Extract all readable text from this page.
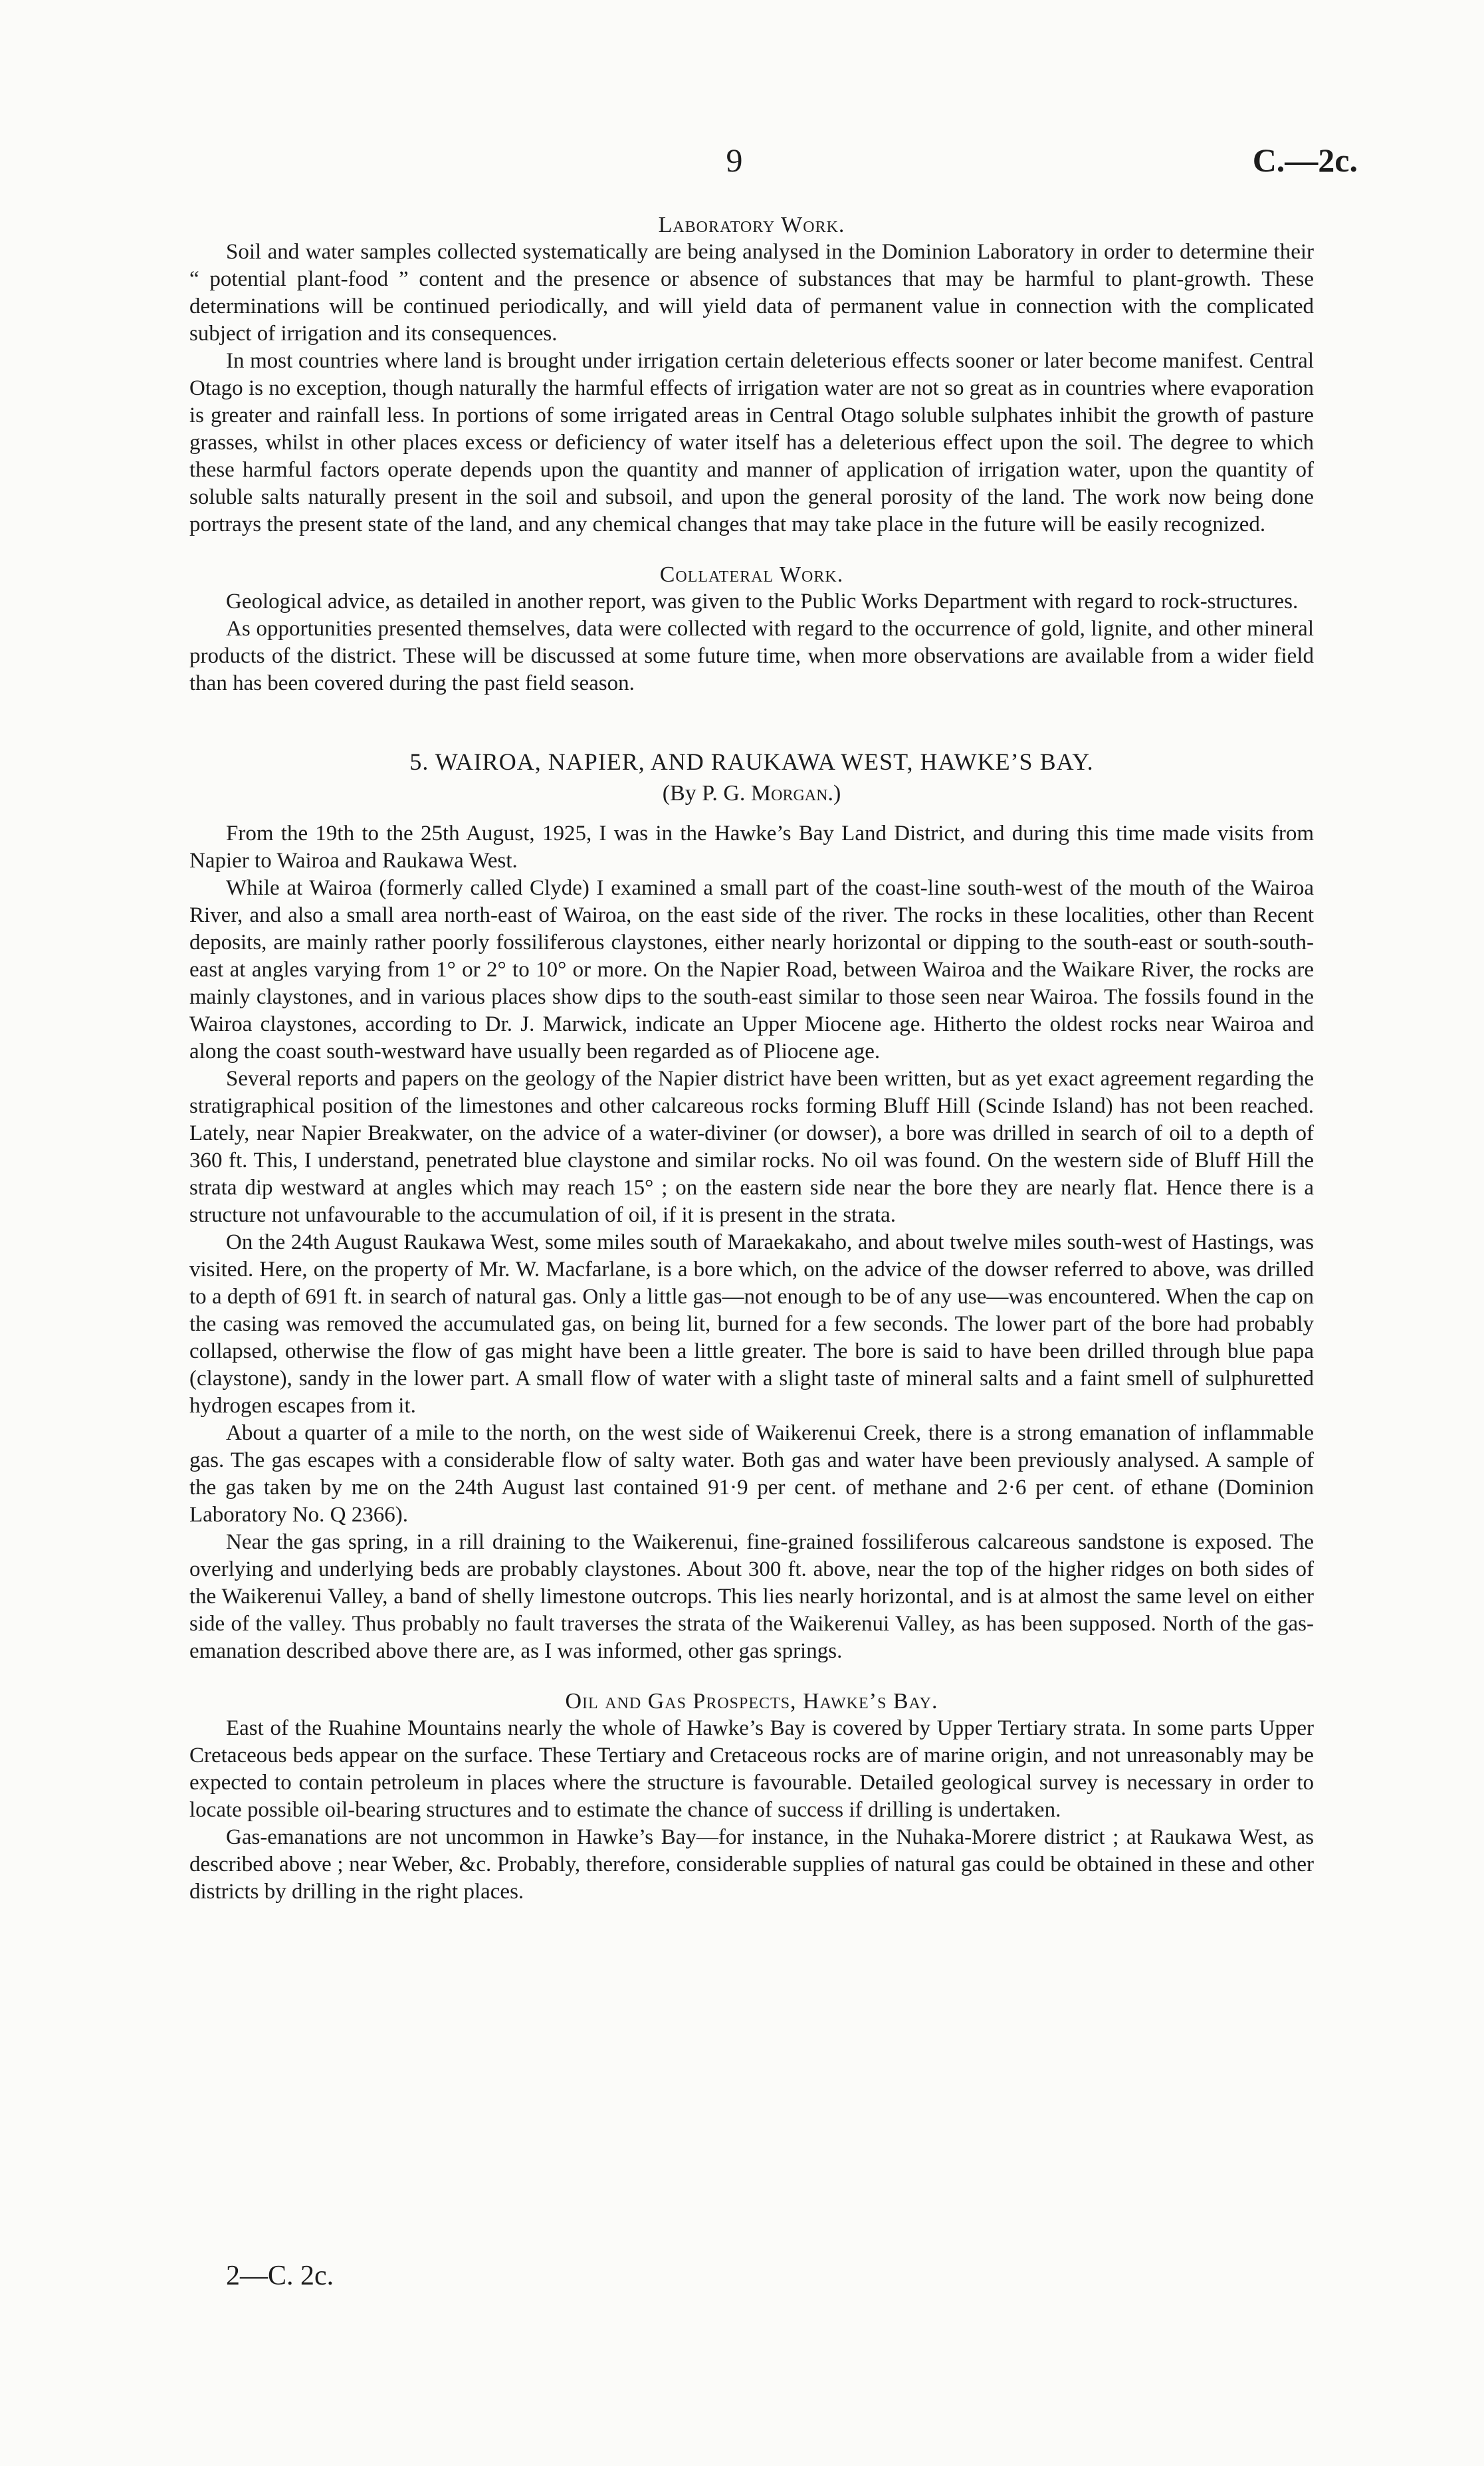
9	C.—2c.
Laboratory Work.

Soil and water samples collected systematically are being analysed in the Dominion Laboratory in order to determine their “ potential plant-food ” content and the presence or absence of substances that may be harmful to plant-growth. These determinations will be continued periodically, and will yield data of permanent value in connection with the complicated subject of irrigation and its consequences.

In most countries where land is brought under irrigation certain deleterious effects sooner or later become manifest. Central Otago is no exception, though naturally the harmful effects of irrigation water are not so great as in countries where evaporation is greater and rainfall less. In portions of some irrigated areas in Central Otago soluble sulphates inhibit the growth of pasture grasses, whilst in other places excess or deficiency of water itself has a deleterious effect upon the soil. The degree to which these harmful factors operate depends upon the quantity and manner of application of irrigation water, upon the quantity of soluble salts naturally present in the soil and subsoil, and upon the general porosity of the land. The work now being done portrays the present state of the land, and any chemical changes that may take place in the future will be easily recognized.

Collateral Work.

Geological advice, as detailed in another report, was given to the Public Works Department with regard to rock-structures.

As opportunities presented themselves, data were collected with regard to the occurrence of gold, lignite, and other mineral products of the district. These will be discussed at some future time, when more observations are available from a wider field than has been covered during the past field season.

5. WAIROA, NAPIER, AND RAUKAWA WEST, HAWKE’S BAY.
(By P. G. Morgan.)

From the 19th to the 25th August, 1925, I was in the Hawke’s Bay Land District, and during this time made visits from Napier to Wairoa and Raukawa West.

While at Wairoa (formerly called Clyde) I examined a small part of the coast-line south-west of the mouth of the Wairoa River, and also a small area north-east of Wairoa, on the east side of the river. The rocks in these localities, other than Recent deposits, are mainly rather poorly fossiliferous claystones, either nearly horizontal or dipping to the south-east or south-south-east at angles varying from 1° or 2° to 10° or more. On the Napier Road, between Wairoa and the Waikare River, the rocks are mainly claystones, and in various places show dips to the south-east similar to those seen near Wairoa. The fossils found in the Wairoa claystones, according to Dr. J. Marwick, indicate an Upper Miocene age. Hitherto the oldest rocks near Wairoa and along the coast south-westward have usually been regarded as of Pliocene age.

Several reports and papers on the geology of the Napier district have been written, but as yet exact agreement regarding the stratigraphical position of the limestones and other calcareous rocks forming Bluff Hill (Scinde Island) has not been reached. Lately, near Napier Breakwater, on the advice of a water-diviner (or dowser), a bore was drilled in search of oil to a depth of 360 ft. This, I understand, penetrated blue claystone and similar rocks. No oil was found. On the western side of Bluff Hill the strata dip westward at angles which may reach 15° ; on the eastern side near the bore they are nearly flat. Hence there is a structure not unfavourable to the accumulation of oil, if it is present in the strata.

On the 24th August Raukawa West, some miles south of Maraekakaho, and about twelve miles south-west of Hastings, was visited. Here, on the property of Mr. W. Macfarlane, is a bore which, on the advice of the dowser referred to above, was drilled to a depth of 691 ft. in search of natural gas. Only a little gas—not enough to be of any use—was encountered. When the cap on the casing was removed the accumulated gas, on being lit, burned for a few seconds. The lower part of the bore had probably collapsed, otherwise the flow of gas might have been a little greater. The bore is said to have been drilled through blue papa (claystone), sandy in the lower part. A small flow of water with a slight taste of mineral salts and a faint smell of sulphuretted hydrogen escapes from it.

About a quarter of a mile to the north, on the west side of Waikerenui Creek, there is a strong emanation of inflammable gas. The gas escapes with a considerable flow of salty water. Both gas and water have been previously analysed. A sample of the gas taken by me on the 24th August last contained 91·9 per cent. of methane and 2·6 per cent. of ethane (Dominion Laboratory No. Q 2366).

Near the gas spring, in a rill draining to the Waikerenui, fine-grained fossiliferous calcareous sandstone is exposed. The overlying and underlying beds are probably claystones. About 300 ft. above, near the top of the higher ridges on both sides of the Waikerenui Valley, a band of shelly limestone outcrops. This lies nearly horizontal, and is at almost the same level on either side of the valley. Thus probably no fault traverses the strata of the Waikerenui Valley, as has been supposed. North of the gas-emanation described above there are, as I was informed, other gas springs.

Oil and Gas Prospects, Hawke’s Bay.

East of the Ruahine Mountains nearly the whole of Hawke’s Bay is covered by Upper Tertiary strata. In some parts Upper Cretaceous beds appear on the surface. These Tertiary and Cretaceous rocks are of marine origin, and not unreasonably may be expected to contain petroleum in places where the structure is favourable. Detailed geological survey is necessary in order to locate possible oil-bearing structures and to estimate the chance of success if drilling is undertaken.

Gas-emanations are not uncommon in Hawke’s Bay—for instance, in the Nuhaka-Morere district ; at Raukawa West, as described above ; near Weber, &c. Probably, therefore, considerable supplies of natural gas could be obtained in these and other districts by drilling in the right places.

2—C. 2c.
